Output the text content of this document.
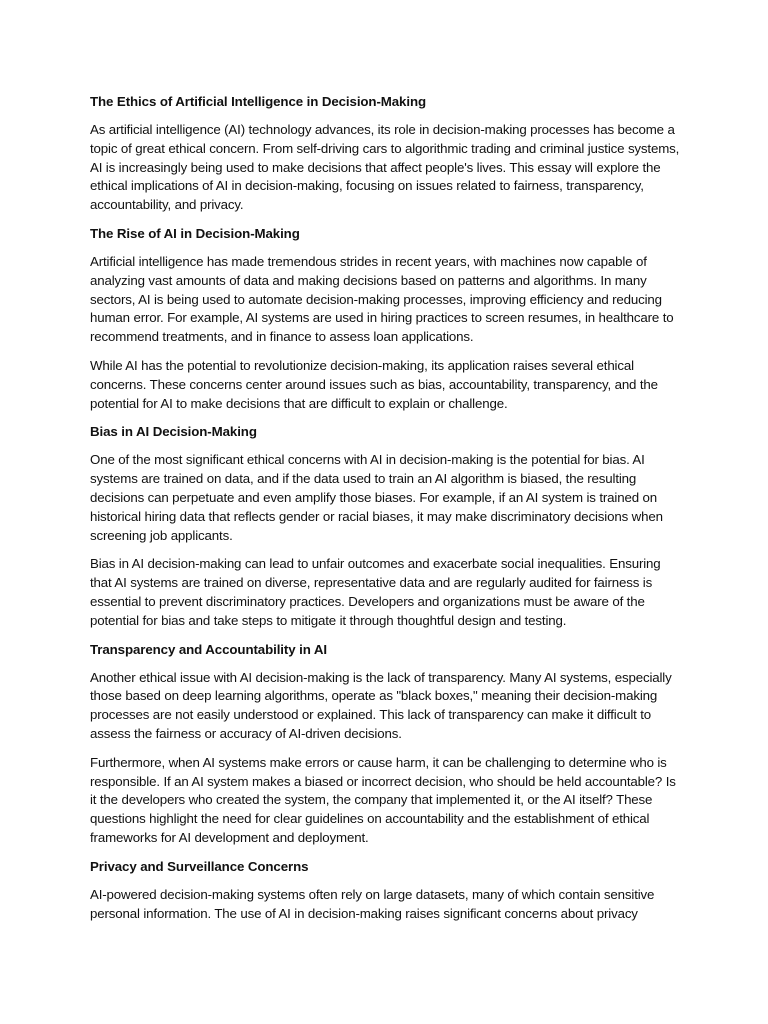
The Ethics of Artificial Intelligence in Decision-Making

As artificial intelligence (AI) technology advances, its role in decision-making processes has become a topic of great ethical concern. From self-driving cars to algorithmic trading and criminal justice systems, AI is increasingly being used to make decisions that affect people's lives. This essay will explore the ethical implications of AI in decision-making, focusing on issues related to fairness, transparency, accountability, and privacy.

The Rise of AI in Decision-Making

Artificial intelligence has made tremendous strides in recent years, with machines now capable of analyzing vast amounts of data and making decisions based on patterns and algorithms. In many sectors, AI is being used to automate decision-making processes, improving efficiency and reducing human error. For example, AI systems are used in hiring practices to screen resumes, in healthcare to recommend treatments, and in finance to assess loan applications.

While AI has the potential to revolutionize decision-making, its application raises several ethical concerns. These concerns center around issues such as bias, accountability, transparency, and the potential for AI to make decisions that are difficult to explain or challenge.

Bias in AI Decision-Making

One of the most significant ethical concerns with AI in decision-making is the potential for bias. AI systems are trained on data, and if the data used to train an AI algorithm is biased, the resulting decisions can perpetuate and even amplify those biases. For example, if an AI system is trained on historical hiring data that reflects gender or racial biases, it may make discriminatory decisions when screening job applicants.

Bias in AI decision-making can lead to unfair outcomes and exacerbate social inequalities. Ensuring that AI systems are trained on diverse, representative data and are regularly audited for fairness is essential to prevent discriminatory practices. Developers and organizations must be aware of the potential for bias and take steps to mitigate it through thoughtful design and testing.

Transparency and Accountability in AI

Another ethical issue with AI decision-making is the lack of transparency. Many AI systems, especially those based on deep learning algorithms, operate as "black boxes," meaning their decision-making processes are not easily understood or explained. This lack of transparency can make it difficult to assess the fairness or accuracy of AI-driven decisions.

Furthermore, when AI systems make errors or cause harm, it can be challenging to determine who is responsible. If an AI system makes a biased or incorrect decision, who should be held accountable? Is it the developers who created the system, the company that implemented it, or the AI itself? These questions highlight the need for clear guidelines on accountability and the establishment of ethical frameworks for AI development and deployment.

Privacy and Surveillance Concerns

AI-powered decision-making systems often rely on large datasets, many of which contain sensitive personal information. The use of AI in decision-making raises significant concerns about privacy
